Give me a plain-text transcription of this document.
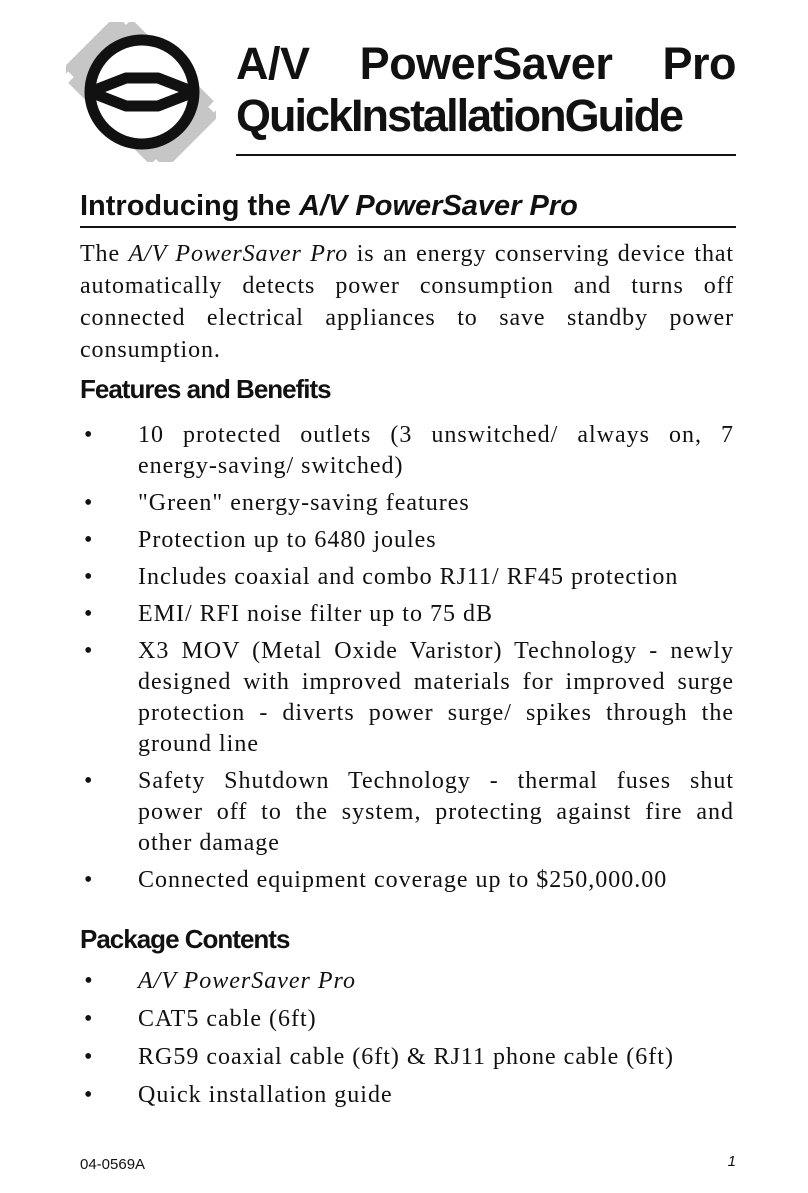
A/V PowerSaver Pro
QuickInstallationGuide
Introducing the A/V PowerSaver Pro

The A/V PowerSaver Pro is an energy conserving device that automatically detects power consumption and turns off connected electrical appliances to save standby power consumption.

Features and Benefits
• 10 protected outlets (3 unswitched/ always on, 7 energy-saving/ switched)
• "Green" energy-saving features
• Protection up to 6480 joules
• Includes coaxial and combo RJ11/ RF45 protection
• EMI/ RFI noise filter up to 75 dB
• X3 MOV (Metal Oxide Varistor) Technology - newly designed with improved materials for improved surge protection - diverts power surge/ spikes through the ground line
• Safety Shutdown Technology - thermal fuses shut power off to the system, protecting against fire and other damage
• Connected equipment coverage up to $250,000.00
Package Contents
• A/V PowerSaver Pro
• CAT5 cable (6ft)
• RG59 coaxial cable (6ft) & RJ11 phone cable (6ft)
• Quick installation guide
04-0569A	1
